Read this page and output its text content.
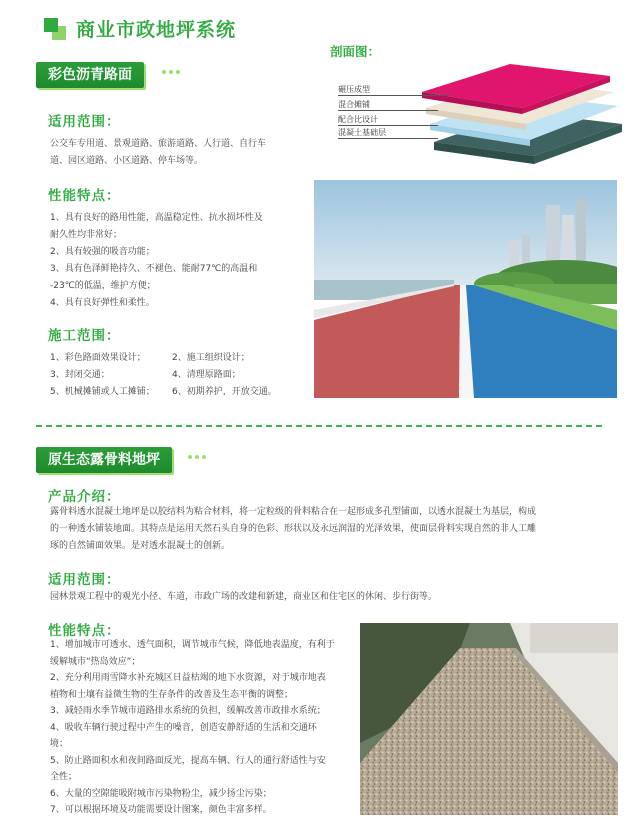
商业市政地坪系统
彩色沥青路面
适用范围：
公交车专用道、景观道路、旅游道路、人行道、自行车
道、园区道路、小区道路、停车场等。
性能特点：
1、具有良好的路用性能，高温稳定性、抗水损坏性及
耐久性均非常好；
2、具有较强的吸音功能；
3、具有色泽鲜艳持久、不褪色、能耐77℃的高温和
-23℃的低温，维护方便；
4、具有良好弹性和柔性。
施工范围：
1、彩色路面效果设计；
3、封闭交通；
5、机械摊铺或人工摊铺；
2、施工组织设计；
4、清理原路面；
6、初期养护，开放交通。
剖面图：
碾压成型
混合摊铺
配合比设计
混凝土基础层
原生态露骨料地坪
产品介绍：
露骨料透水混凝土地坪是以胶结料为粘合材料，将一定粒级的骨料粘合在一起形成多孔型铺面，以透水混凝土为基层，构成
的一种透水铺装地面。其特点是运用天然石头自身的色彩、形状以及永远润湿的光泽效果，使面层骨料实现自然的非人工雕
琢的自然铺面效果。是对透水混凝土的创新。
适用范围：
园林景观工程中的观光小径、车道，市政广场的改建和新建，商业区和住宅区的休闲、步行街等。
性能特点：
1、增加城市可透水、透气面积，调节城市气候，降低地表温度，有利于
缓解城市“热岛效应”；
2、充分利用雨雪降水补充城区日益枯竭的地下水资源，对于城市地表
植物和土壤有益微生物的生存条件的改善及生态平衡的调整；
3、减轻雨水季节城市道路排水系统的负担，缓解改善市政排水系统；
4、吸收车辆行驶过程中产生的噪音，创造安静舒适的生活和交通环
境；
5、防止路面积水和夜间路面反光，提高车辆、行人的通行舒适性与安
全性；
6、大量的空隙能吸附城市污染物粉尘，减少扬尘污染；
7、可以根据环境及功能需要设计图案，颜色丰富多样。
